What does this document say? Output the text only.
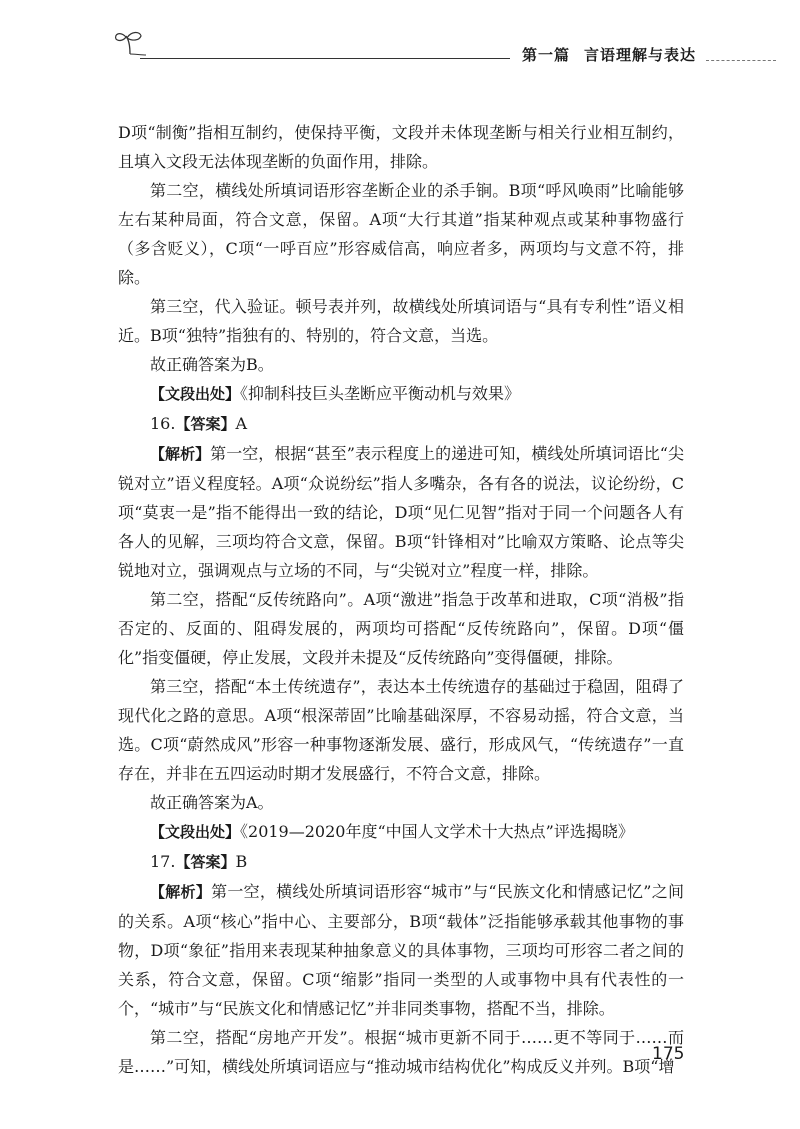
第一篇 言语理解与表达

D项“制衡”指相互制约，使保持平衡，文段并未体现垄断与相关行业相互制约，且填入文段无法体现垄断的负面作用，排除。

第二空，横线处所填词语形容垄断企业的杀手锏。B项“呼风唤雨”比喻能够左右某种局面，符合文意，保留。A项“大行其道”指某种观点或某种事物盛行（多含贬义），C项“一呼百应”形容威信高，响应者多，两项均与文意不符，排除。

第三空，代入验证。顿号表并列，故横线处所填词语与“具有专利性”语义相近。B项“独特”指独有的、特别的，符合文意，当选。

故正确答案为B。

【文段出处】《抑制科技巨头垄断应平衡动机与效果》

16.【答案】A

【解析】第一空，根据“甚至”表示程度上的递进可知，横线处所填词语比“尖锐对立”语义程度轻。A项“众说纷纭”指人多嘴杂，各有各的说法，议论纷纷，C项“莫衷一是”指不能得出一致的结论，D项“见仁见智”指对于同一个问题各人有各人的见解，三项均符合文意，保留。B项“针锋相对”比喻双方策略、论点等尖锐地对立，强调观点与立场的不同，与“尖锐对立”程度一样，排除。

第二空，搭配“反传统路向”。A项“激进”指急于改革和进取，C项“消极”指否定的、反面的、阻碍发展的，两项均可搭配“反传统路向”，保留。D项“僵化”指变僵硬，停止发展，文段并未提及“反传统路向”变得僵硬，排除。

第三空，搭配“本土传统遗存”，表达本土传统遗存的基础过于稳固，阻碍了现代化之路的意思。A项“根深蒂固”比喻基础深厚，不容易动摇，符合文意，当选。C项“蔚然成风”形容一种事物逐渐发展、盛行，形成风气，“传统遗存”一直存在，并非在五四运动时期才发展盛行，不符合文意，排除。

故正确答案为A。

【文段出处】《2019—2020年度“中国人文学术十大热点”评选揭晓》

17.【答案】B

【解析】第一空，横线处所填词语形容“城市”与“民族文化和情感记忆”之间的关系。A项“核心”指中心、主要部分，B项“载体”泛指能够承载其他事物的事物，D项“象征”指用来表现某种抽象意义的具体事物，三项均可形容二者之间的关系，符合文意，保留。C项“缩影”指同一类型的人或事物中具有代表性的一个，“城市”与“民族文化和情感记忆”并非同类事物，搭配不当，排除。

第二空，搭配“房地产开发”。根据“城市更新不同于……更不等同于……而是……”可知，横线处所填词语应与“推动城市结构优化”构成反义并列。B项“增

175
